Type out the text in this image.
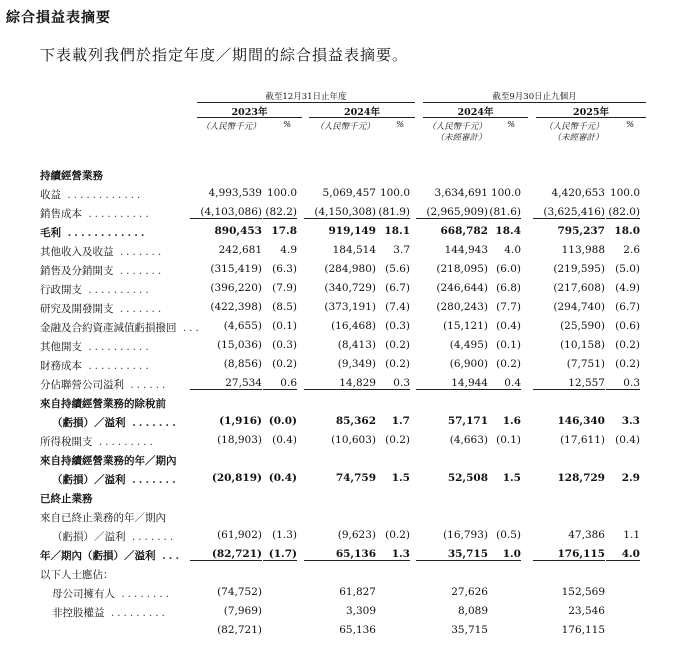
綜合損益表摘要
下表載列我們於指定年度／期間的綜合損益表摘要。
截至12月31日止年度	截至9月30日止九個月
2023年	2024年	2024年	2025年
（人民幣千元）	%	（人民幣千元）	%	（人民幣千元）	%	（人民幣千元）	%
（未經審計）	（未經審計）
持續經營業務
收益 ............	4,993,539 100.0	5,069,457 100.0	3,634,691 100.0	4,420,653 100.0
銷售成本 ..........	(4,103,086) (82.2)	(4,150,308) (81.9)	(2,965,909) (81.6)	(3,625,416) (82.0)
毛利 ............	890,453 17.8	919,149 18.1	668,782 18.4	795,237 18.0
其他收入及收益 .......	242,681	4.9	184,514	3.7	144,943	4.0	113,988	2.6
銷售及分銷開支 .......	(315,419) (6.3)	(284,980) (5.6)	(218,095) (6.0)	(219,595) (5.0)
行政開支 ..........	(396,220) (7.9)	(340,729) (6.7)	(246,644) (6.8)	(217,608) (4.9)
研究及開發開支 .......	(422,398) (8.5)	(373,191) (7.4)	(280,243) (7.7)	(294,740) (6.7)
金融及合約資產減值虧損撥回 ...	(4,655) (0.1)	(16,468) (0.3)	(15,121) (0.4)	(25,590) (0.6)
其他開支 ..........	(15,036) (0.3)	(8,413) (0.2)	(4,495) (0.1)	(10,158) (0.2)
財務成本 ..........	(8,856) (0.2)	(9,349) (0.2)	(6,900) (0.2)	(7,751) (0.2)
分佔聯營公司溢利 ......	27,534	0.6	14,829	0.3	14,944	0.4	12,557	0.3
來自持續經營業務的除稅前
（虧損）／溢利 .......	(1,916) (0.0)	85,362	1.7	57,171	1.6	146,340	3.3
所得稅開支 .........	(18,903) (0.4)	(10,603) (0.2)	(4,663) (0.1)	(17,611) (0.4)
來自持續經營業務的年／期內
（虧損）／溢利 .......	(20,819) (0.4)	74,759	1.5	52,508	1.5	128,729	2.9
已終止業務
來自已終止業務的年／期內
（虧損）／溢利 .......	(61,902) (1.3)	(9,623) (0.2)	(16,793) (0.5)	47,386	1.1
年／期內（虧損）／溢利 ...	(82,721) (1.7)	65,136	1.3	35,715	1.0	176,115	4.0
以下人士應佔：
母公司擁有人 ........	(74,752)	61,827	27,626	152,569
非控股權益 .........	(7,969)	3,309	8,089	23,546
(82,721)	65,136	35,715	176,115
